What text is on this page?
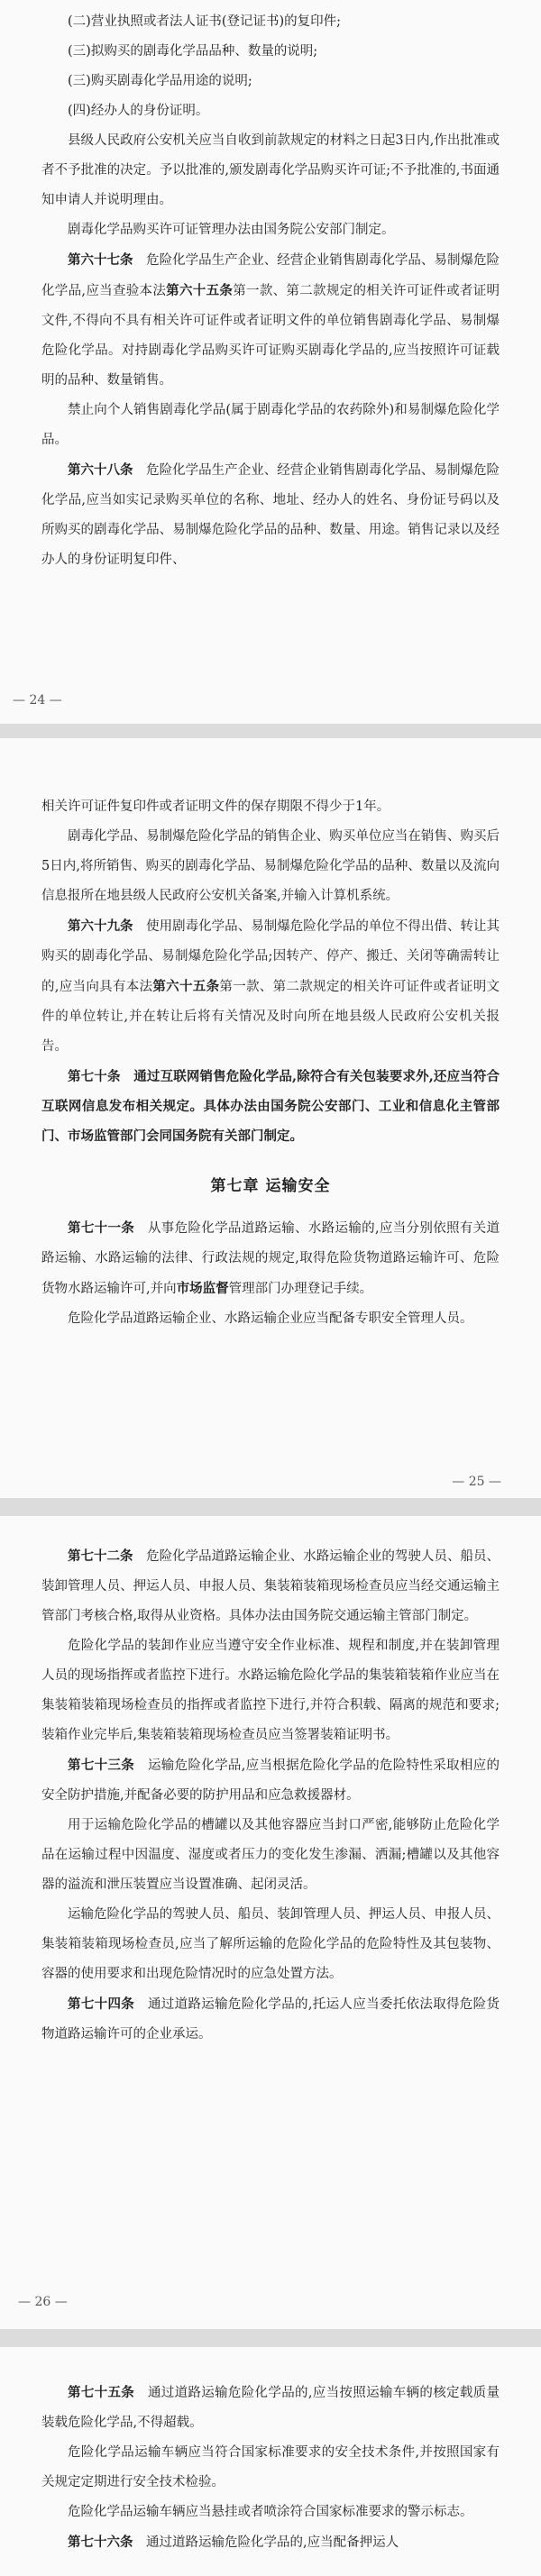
(二)营业执照或者法人证书(登记证书)的复印件;

(三)拟购买的剧毒化学品品种、数量的说明;

(三)购买剧毒化学品用途的说明;

(四)经办人的身份证明。

县级人民政府公安机关应当自收到前款规定的材料之日起3日内,作出批准或者不予批准的决定。予以批准的,颁发剧毒化学品购买许可证;不予批准的,书面通知申请人并说明理由。

剧毒化学品购买许可证管理办法由国务院公安部门制定。

第六十七条　 危险化学品生产企业、经营企业销售剧毒化学品、易制爆危险化学品,应当查验本法第六十五条第一款、第二款规定的相关许可证件或者证明文件,不得向不具有相关许可证件或者证明文件的单位销售剧毒化学品、易制爆危险化学品。对持剧毒化学品购买许可证购买剧毒化学品的,应当按照许可证载明的品种、数量销售。

禁止向个人销售剧毒化学品(属于剧毒化学品的农药除外)和易制爆危险化学品。

第六十八条　 危险化学品生产企业、经营企业销售剧毒化学品、易制爆危险化学品,应当如实记录购买单位的名称、地址、经办人的姓名、身份证号码以及所购买的剧毒化学品、易制爆危险化学品的品种、数量、用途。销售记录以及经办人的身份证明复印件、

— 24 —

相关许可证件复印件或者证明文件的保存期限不得少于1年。

剧毒化学品、易制爆危险化学品的销售企业、购买单位应当在销售、购买后5日内,将所销售、购买的剧毒化学品、易制爆危险化学品的品种、数量以及流向信息报所在地县级人民政府公安机关备案,并输入计算机系统。

第六十九条　 使用剧毒化学品、易制爆危险化学品的单位不得出借、转让其购买的剧毒化学品、易制爆危险化学品;因转产、停产、搬迁、关闭等确需转让的,应当向具有本法第六十五条第一款、第二款规定的相关许可证件或者证明文件的单位转让,并在转让后将有关情况及时向所在地县级人民政府公安机关报告。

第七十条　 通过互联网销售危险化学品,除符合有关包装要求外,还应当符合互联网信息发布相关规定。具体办法由国务院公安部门、工业和信息化主管部门、市场监管部门会同国务院有关部门制定。

第七章 运输安全

第七十一条　 从事危险化学品道路运输、水路运输的,应当分别依照有关道路运输、水路运输的法律、行政法规的规定,取得危险货物道路运输许可、危险货物水路运输许可,并向市场监督管理部门办理登记手续。

危险化学品道路运输企业、水路运输企业应当配备专职安全管理人员。

— 25 —

第七十二条　 危险化学品道路运输企业、水路运输企业的驾驶人员、船员、装卸管理人员、押运人员、申报人员、集装箱装箱现场检查员应当经交通运输主管部门考核合格,取得从业资格。具体办法由国务院交通运输主管部门制定。

危险化学品的装卸作业应当遵守安全作业标准、规程和制度,并在装卸管理人员的现场指挥或者监控下进行。水路运输危险化学品的集装箱装箱作业应当在集装箱装箱现场检查员的指挥或者监控下进行,并符合积载、隔离的规范和要求;装箱作业完毕后,集装箱装箱现场检查员应当签署装箱证明书。

第七十三条　 运输危险化学品,应当根据危险化学品的危险特性采取相应的安全防护措施,并配备必要的防护用品和应急救援器材。

用于运输危险化学品的槽罐以及其他容器应当封口严密,能够防止危险化学品在运输过程中因温度、湿度或者压力的变化发生渗漏、洒漏;槽罐以及其他容器的溢流和泄压装置应当设置准确、起闭灵活。

运输危险化学品的驾驶人员、船员、装卸管理人员、押运人员、申报人员、集装箱装箱现场检查员,应当了解所运输的危险化学品的危险特性及其包装物、容器的使用要求和出现危险情况时的应急处置方法。

第七十四条　 通过道路运输危险化学品的,托运人应当委托依法取得危险货物道路运输许可的企业承运。

— 26 —

第七十五条　 通过道路运输危险化学品的,应当按照运输车辆的核定载质量装载危险化学品,不得超载。

危险化学品运输车辆应当符合国家标准要求的安全技术条件,并按照国家有关规定定期进行安全技术检验。

危险化学品运输车辆应当悬挂或者喷涂符合国家标准要求的警示标志。

第七十六条　 通过道路运输危险化学品的,应当配备押运人
